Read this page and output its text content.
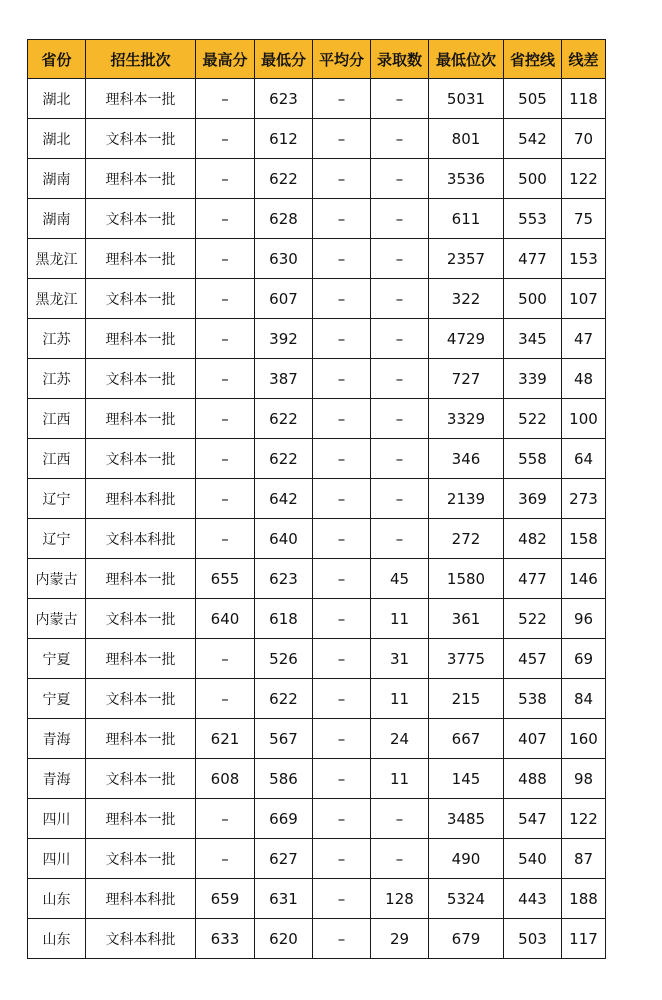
省份	招生批次	最高分	最低分	平均分	录取数	最低位次	省控线	线差
湖北	理科本一批	–	623	–	–	5031	505	118
湖北	文科本一批	–	612	–	–	801	542	70
湖南	理科本一批	–	622	–	–	3536	500	122
湖南	文科本一批	–	628	–	–	611	553	75
黑龙江	理科本一批	–	630	–	–	2357	477	153
黑龙江	文科本一批	–	607	–	–	322	500	107
江苏	理科本一批	–	392	–	–	4729	345	47
江苏	文科本一批	–	387	–	–	727	339	48
江西	理科本一批	–	622	–	–	3329	522	100
江西	文科本一批	–	622	–	–	346	558	64
辽宁	理科本科批	–	642	–	–	2139	369	273
辽宁	文科本科批	–	640	–	–	272	482	158
内蒙古	理科本一批	655	623	–	45	1580	477	146
内蒙古	文科本一批	640	618	–	11	361	522	96
宁夏	理科本一批	–	526	–	31	3775	457	69
宁夏	文科本一批	–	622	–	11	215	538	84
青海	理科本一批	621	567	–	24	667	407	160
青海	文科本一批	608	586	–	11	145	488	98
四川	理科本一批	–	669	–	–	3485	547	122
四川	文科本一批	–	627	–	–	490	540	87
山东	理科本科批	659	631	–	128	5324	443	188
山东	文科本科批	633	620	–	29	679	503	117
